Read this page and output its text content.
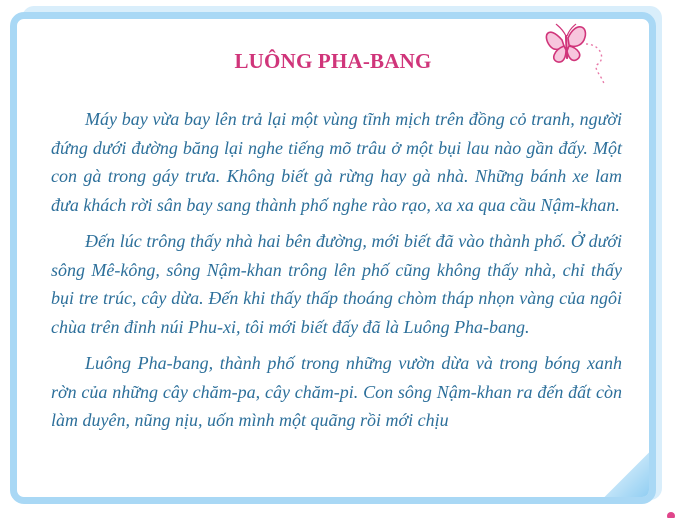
LUÔNG PHA-BANG

Máy bay vừa bay lên trả lại một vùng tĩnh mịch trên đồng cỏ tranh, người đứng dưới đường băng lại nghe tiếng mõ trâu ở một bụi lau nào gần đấy. Một con gà trong gáy trưa. Không biết gà rừng hay gà nhà. Những bánh xe lam đưa khách rời sân bay sang thành phố nghe rào rạo, xa xa qua cầu Nậm-khan.

Đến lúc trông thấy nhà hai bên đường, mới biết đã vào thành phố. Ở dưới sông Mê-kông, sông Nậm-khan trông lên phố cũng không thấy nhà, chỉ thấy bụi tre trúc, cây dừa. Đến khi thấy thấp thoáng chòm tháp nhọn vàng của ngôi chùa trên đỉnh núi Phu-xi, tôi mới biết đấy đã là Luông Pha-bang.

Luông Pha-bang, thành phố trong những vườn dừa và trong bóng xanh rờn của những cây chăm-pa, cây chăm-pi. Con sông Nậm-khan ra đến đất còn làm duyên, nũng nịu, uốn mình một quãng rồi mới chịu
